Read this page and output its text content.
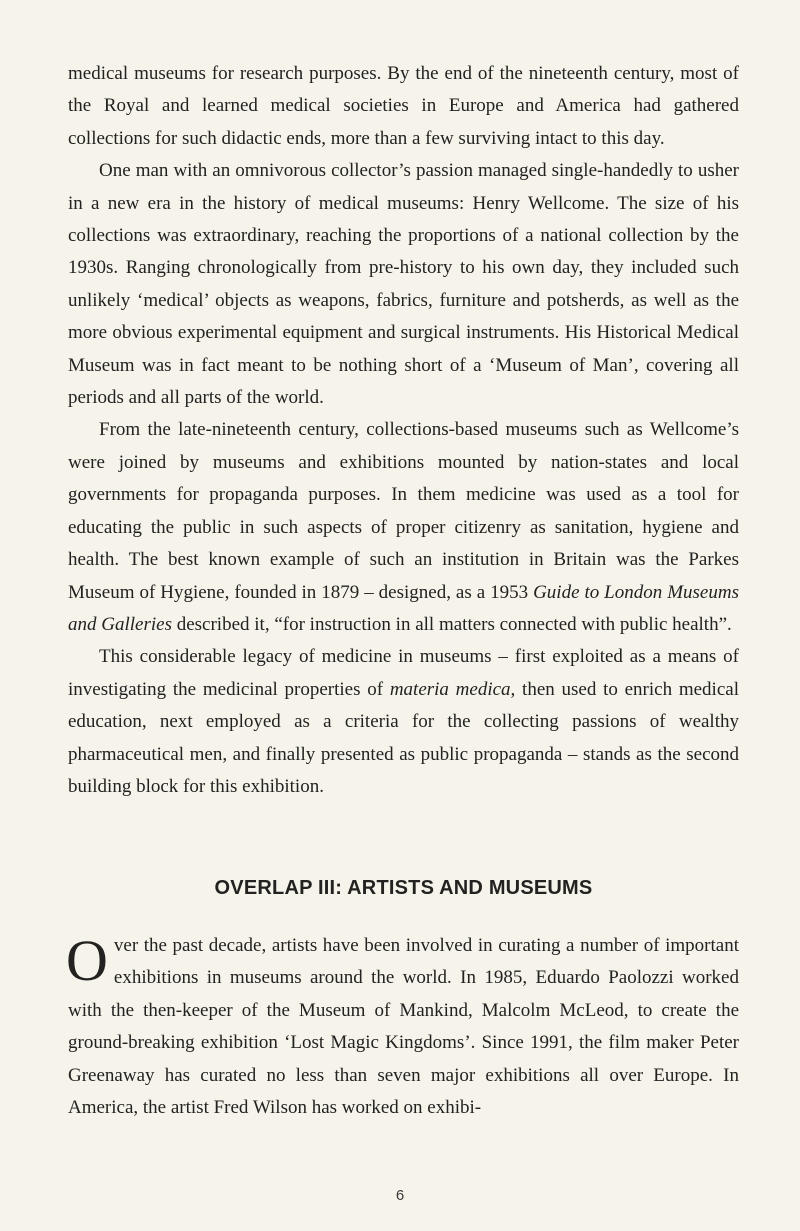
medical museums for research purposes. By the end of the nineteenth century, most of the Royal and learned medical societies in Europe and America had gathered collections for such didactic ends, more than a few surviving intact to this day.

One man with an omnivorous collector’s passion managed single-handedly to usher in a new era in the history of medical museums: Henry Wellcome. The size of his collections was extraordinary, reaching the proportions of a national collection by the 1930s. Ranging chronologically from pre-history to his own day, they included such unlikely ‘medical’ objects as weapons, fabrics, furniture and potsherds, as well as the more obvious experimental equipment and surgical instruments. His Historical Medical Museum was in fact meant to be nothing short of a ‘Museum of Man’, covering all periods and all parts of the world.

From the late-nineteenth century, collections-based museums such as Wellcome’s were joined by museums and exhibitions mounted by nation-states and local governments for propaganda purposes. In them medicine was used as a tool for educating the public in such aspects of proper citizenry as sanitation, hygiene and health. The best known example of such an institution in Britain was the Parkes Museum of Hygiene, founded in 1879 – designed, as a 1953 Guide to London Museums and Galleries described it, “for instruction in all matters connected with public health”.

This considerable legacy of medicine in museums – first exploited as a means of investigating the medicinal properties of materia medica, then used to enrich medical education, next employed as a criteria for the collecting passions of wealthy pharmaceutical men, and finally presented as public propaganda – stands as the second building block for this exhibition.

OVERLAP III: ARTISTS AND MUSEUMS

Over the past decade, artists have been involved in curating a number of important exhibitions in museums around the world. In 1985, Eduardo Paolozzi worked with the then-keeper of the Museum of Mankind, Malcolm McLeod, to create the ground-breaking exhibition ‘Lost Magic Kingdoms’. Since 1991, the film maker Peter Greenaway has curated no less than seven major exhibitions all over Europe. In America, the artist Fred Wilson has worked on exhibi-

6
